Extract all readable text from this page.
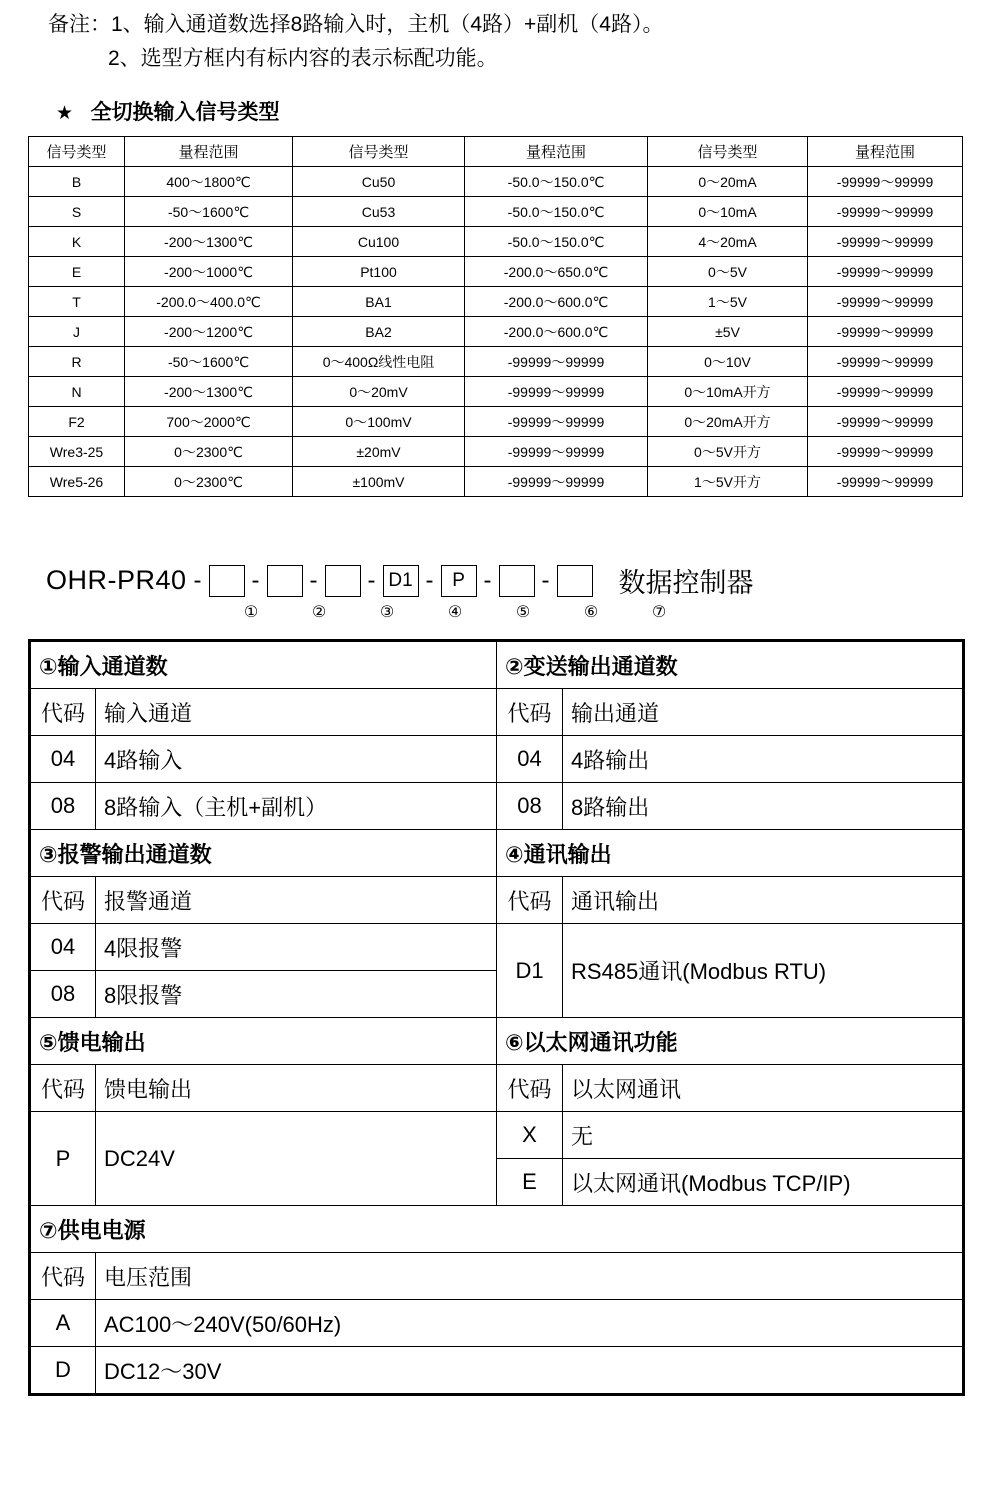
备注：1、输入通道数选择8路输入时，主机（4路）+副机（4路）。
2、选型方框内有标内容的表示标配功能。
★ 全切换输入信号类型
信号类型	量程范围	信号类型	量程范围	信号类型	量程范围
B	400～1800℃	Cu50	-50.0～150.0℃	0～20mA	-99999～99999
S	-50～1600℃	Cu53	-50.0～150.0℃	0～10mA	-99999～99999
K	-200～1300℃	Cu100	-50.0～150.0℃	4～20mA	-99999～99999
E	-200～1000℃	Pt100	-200.0～650.0℃	0～5V	-99999～99999
T	-200.0～400.0℃	BA1	-200.0～600.0℃	1～5V	-99999～99999
J	-200～1200℃	BA2	-200.0～600.0℃	±5V	-99999～99999
R	-50～1600℃	0～400Ω线性电阻	-99999～99999	0～10V	-99999～99999
N	-200～1300℃	0～20mV	-99999～99999	0～10mA开方	-99999～99999
F2	700～2000℃	0～100mV	-99999～99999	0～20mA开方	-99999～99999
Wre3-25	0～2300℃	±20mV	-99999～99999	0～5V开方	-99999～99999
Wre5-26	0～2300℃	±100mV	-99999～99999	1～5V开方	-99999～99999
OHR-PR40 - - - - D1 - P - -	数据控制器
①	②	③	④	⑤	⑥	⑦
①输入通道数		②变送输出通道数	
代码	输入通道	代码	输出通道
04	4路输入	04	4路输出
08	8路输入（主机+副机）	08	8路输出
③报警输出通道数		④通讯输出	
代码	报警通道	代码	通讯输出
04	4限报警	D1	RS485通讯(Modbus RTU)
08	8限报警		
⑤馈电输出		⑥以太网通讯功能	
代码	馈电输出	代码	以太网通讯
P	DC24V	X	无
		E	以太网通讯(Modbus TCP/IP)
⑦供电电源			
代码	电压范围		
A	AC100～240V(50/60Hz)		
D	DC12～30V		
